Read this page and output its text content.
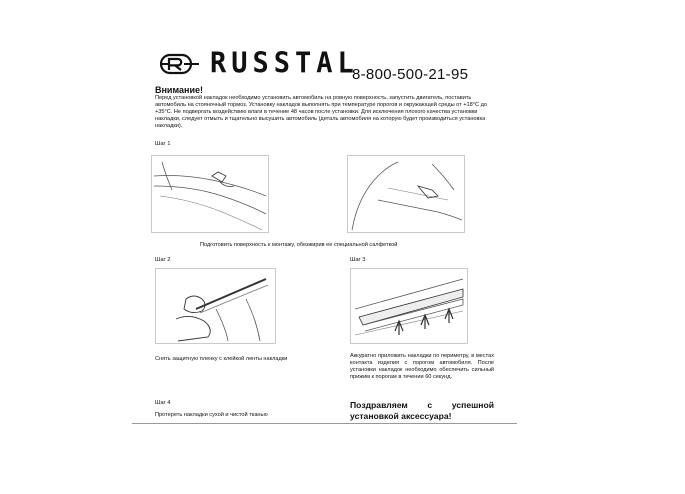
RUSSTAL
8-800-500-21-95
Внимание!
Перед установкой накладок необходимо установить автомобиль на ровную поверхность, запустить двигатель, поставить автомобиль на стояночный тормоз. Установку накладок выполнять при температуре порогов и окружающей среды от +18°С до +35°С. Не подвергать воздействию влаги в течение 48 часов после установки. Для исключения плохого качества установки накладки, следует отмыть и тщательно высушить автомобиль (деталь автомобиля на которую будет производиться установка накладки).
Шаг 1
Подготовить поверхность к монтажу, обезжирив ее специальной салфеткой
Шаг 2
Снять защитную пленку с клейкой ленты накладки
Шаг 3
Аккуратно приложить накладки по периметру, в местах контакта изделия с порогом автомобиля. После установки накладок необходимо обеспечить сильный прижим к порогам в течении 60 секунд.
Шаг 4
Протереть накладки сухой и чистой тканью
Поздравляем с успешной установкой аксессуара!
